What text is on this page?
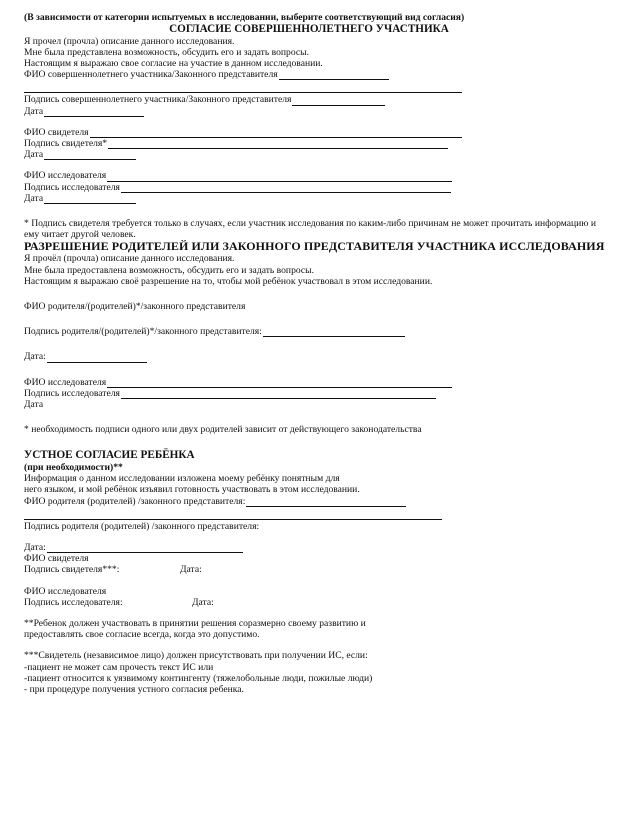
(В зависимости от категории испытуемых в исследовании, выберите соответствующий вид согласия)
СОГЛАСИЕ СОВЕРШЕННОЛЕТНЕГО УЧАСТНИКА
Я прочел (прочла) описание данного исследования.
Мне была представлена возможность, обсудить его и задать вопросы.
Настоящим я выражаю свое согласие на участие в данном исследовании.
ФИО совершеннолетнего участника/Законного представителя
Подпись совершеннолетнего участника/Законного представителя
Дата
ФИО свидетеля
Подпись свидетеля*
Дата
ФИО исследователя
Подпись исследователя
Дата
* Подпись свидетеля требуется только в случаях, если участник исследования по каким-либо причинам не может прочитать информацию и ему читает другой человек.
РАЗРЕШЕНИЕ РОДИТЕЛЕЙ ИЛИ ЗАКОННОГО ПРЕДСТАВИТЕЛЯ УЧАСТНИКА ИССЛЕДОВАНИЯ
Я прочёл (прочла) описание данного исследования.
Мне была предоставлена возможность, обсудить его и задать вопросы.
Настоящим я выражаю своё разрешение на то, чтобы мой ребёнок участвовал в этом исследовании.
ФИО родителя/(родителей)*/законного представителя
Подпись родителя/(родителей)*/законного представителя:
Дата:
ФИО исследователя
Подпись исследователя
Дата
* необходимость подписи одного или двух родителей зависит от действующего законодательства
УСТНОЕ СОГЛАСИЕ РЕБЁНКА
(при необходимости)**
Информация о данном исследовании изложена моему ребёнку понятным для
него языком, и мой ребёнок изъявил готовность участвовать в этом исследовании.
ФИО родителя (родителей) /законного представителя:
Подпись родителя (родителей) /законного представителя:
Дата:
ФИО свидетеля
Подпись свидетеля***:	Дата:
ФИО исследователя
Подпись исследователя:	Дата:
**Ребенок должен участвовать в принятии решения соразмерно своему развитию и
предоставлять свое согласие всегда, когда это допустимо.
***Свидетель (независимое лицо) должен присутствовать при получении ИС, если:
-пациент не может сам прочесть текст ИС или
-пациент относится к уязвимому контингенту (тяжелобольные люди, пожилые люди)
- при процедуре получения устного согласия ребенка.
